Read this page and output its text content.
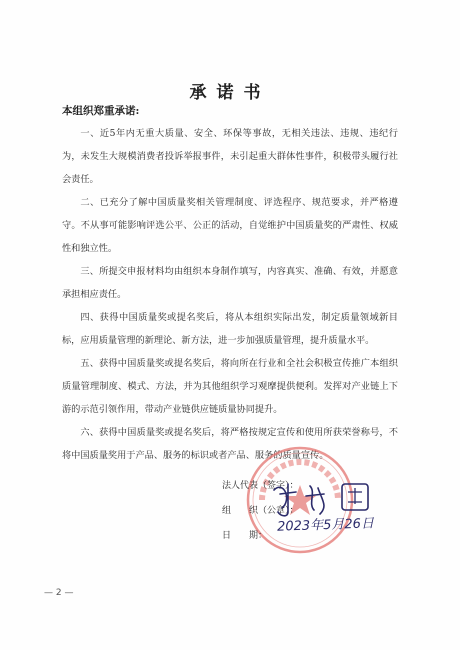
承诺书
本组织郑重承诺:

一、近5年内无重大质量、安全、环保等事故，无相关违法、违规、违纪行为，未发生大规模消费者投诉举报事件，未引起重大群体性事件，积极带头履行社会责任。

二、已充分了解中国质量奖相关管理制度、评选程序、规范要求，并严格遵守。不从事可能影响评选公平、公正的活动，自觉维护中国质量奖的严肃性、权威性和独立性。

三、所提交申报材料均由组织本身制作填写，内容真实、准确、有效，并愿意承担相应责任。

四、获得中国质量奖或提名奖后，将从本组织实际出发，制定质量领域新目标，应用质量管理的新理论、新方法，进一步加强质量管理，提升质量水平。

五、获得中国质量奖或提名奖后，将向所在行业和全社会积极宣传推广本组织质量管理制度、模式、方法，并为其他组织学习观摩提供便利。发挥对产业链上下游的示范引领作用，带动产业链供应链质量协同提升。

六、获得中国质量奖或提名奖后，将严格按规定宣传和使用所获荣誉称号，不将中国质量奖用于产品、服务的标识或者产品、服务的质量宣传。

法人代表（签字）：
组　　织（公章）：
日　　期：
2023年5月26日
— 2 —
